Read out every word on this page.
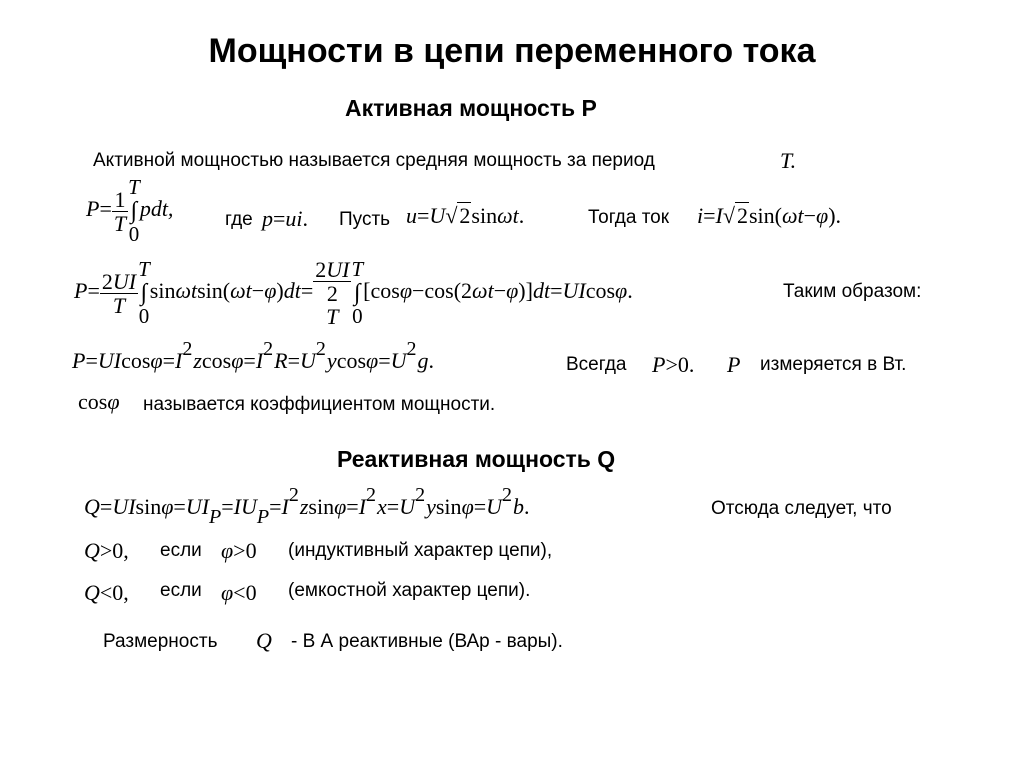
Мощности в цепи переменного тока
Активная мощность P
Активной мощностью называется средняя мощность за период	T.
$P= \frac{1}{T}$
T
∫
0
pdt,	где p=ui. Пусть u=U√2sinωt.	Тогда ток i=I√2sin(ωt−φ).
$P= \frac{2UI}{T}$
T
∫
0
sinωtsin(ωt−φ)dt=
2UI
2
T
T
∫
0
[cosφ−cos(2ωt−φ)]dt=UIcosφ.	Таким образом:
P=UIcosφ=I2zcosφ=I2R=U2ycosφ=U2g.	Всегда P>0. P измеряется в Вт.
cosφ называется коэффициентом мощности.
Реактивная мощность Q
Q=UIsinφ=UIP=IUP=I2zsinφ=I2x=U2ysinφ=U2b.	Отсюда следует, что
Q>0, если φ>0 (индуктивный характер цепи),
Q<0, если φ<0 (емкостной характер цепи).
Размерность Q - В А реактивные (ВАр - вары).
